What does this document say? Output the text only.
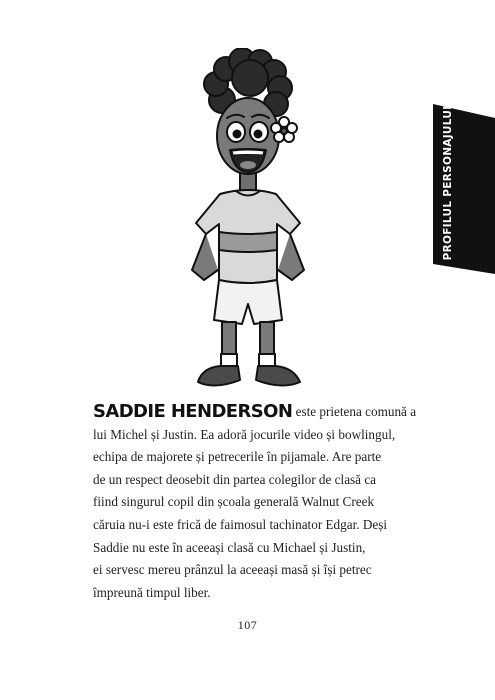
PROFILUL PERSONAJULUI
SADDIE HENDERSON este prietena comună a
lui Michel și Justin. Ea adoră jocurile video și bowlingul,
echipa de majorete și petrecerile în pijamale. Are parte
de un respect deosebit din partea colegilor de clasă ca
fiind singurul copil din școala generală Walnut Creek
căruia nu-i este frică de faimosul tachinator Edgar. Deși
Saddie nu este în aceeași clasă cu Michael și Justin,
ei servesc mereu prânzul la aceeași masă și își petrec
împreună timpul liber.
107
